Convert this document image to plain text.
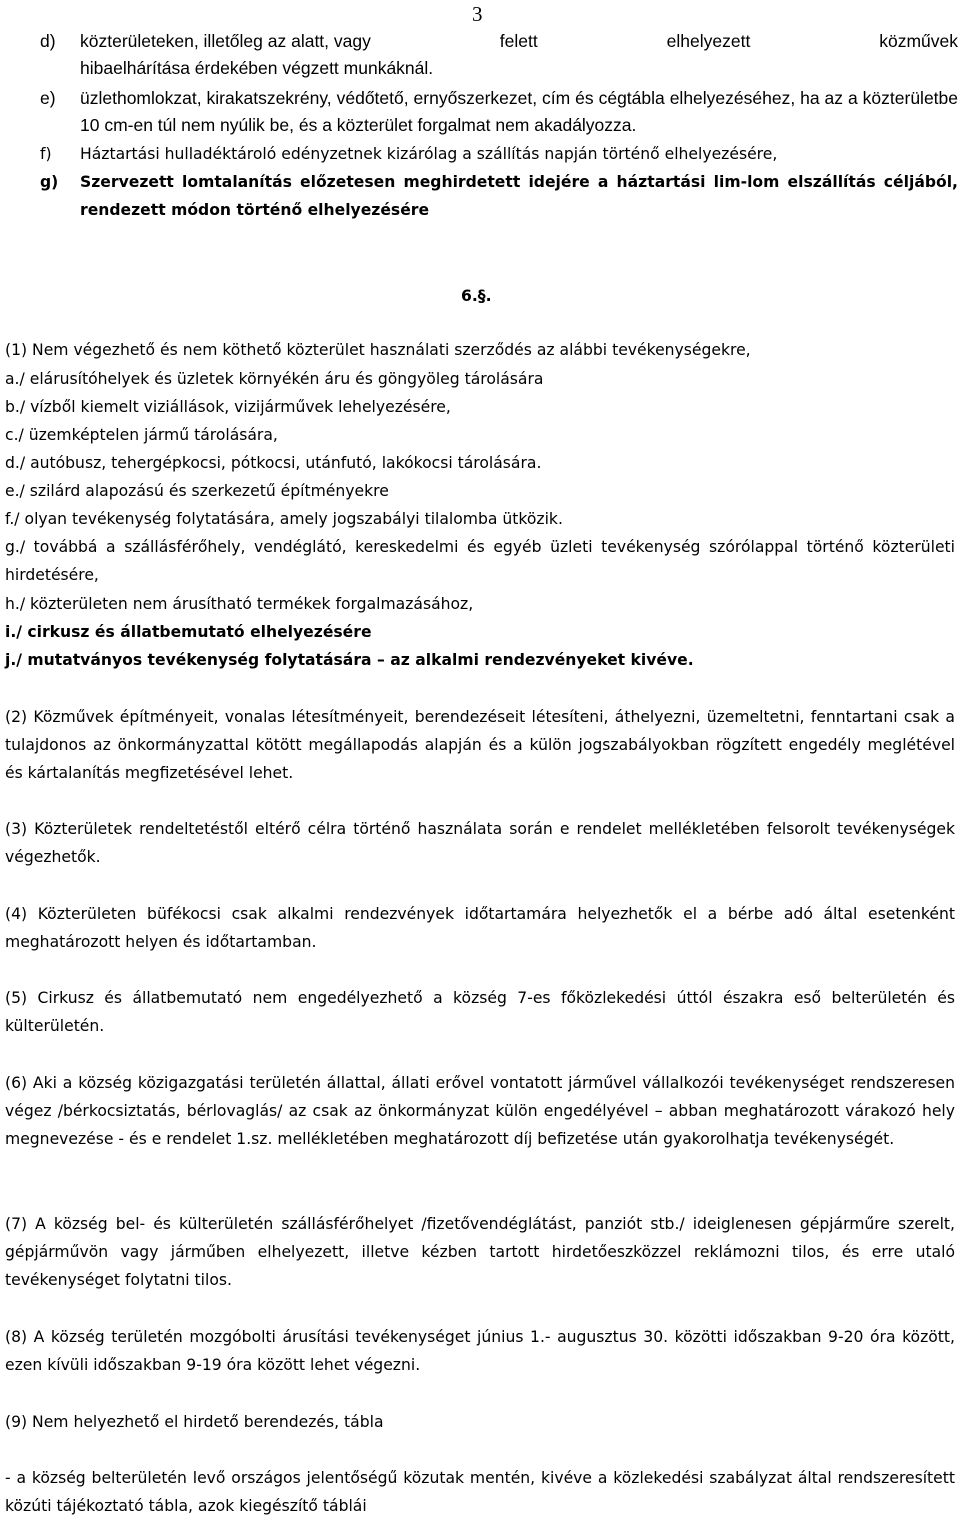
3
d) közterületeken, illetőleg az alatt, vagy	felett	elhelyezett	közművek
hibaelhárítása érdekében végzett munkáknál.
e) üzlethomlokzat, kirakatszekrény, védőtető, ernyőszerkezet, cím és cégtábla elhelyezéséhez, ha az a közterületbe 10 cm-en túl nem nyúlik be, és a közterület forgalmat nem akadályozza.
f) Háztartási hulladéktároló edényzetnek kizárólag a szállítás napján történő elhelyezésére,
g) Szervezett lomtalanítás előzetesen meghirdetett idejére a háztartási lim-lom elszállítás céljából, rendezett módon történő elhelyezésére
6.§.
(1) Nem végezhető és nem köthető közterület használati szerződés az alábbi tevékenységekre,
a./ elárusítóhelyek és üzletek környékén áru és göngyöleg tárolására
b./ vízből kiemelt viziállások, vizijárművek lehelyezésére,
c./ üzemképtelen jármű tárolására,
d./ autóbusz, tehergépkocsi, pótkocsi, utánfutó, lakókocsi tárolására.
e./ szilárd alapozású és szerkezetű építményekre
f./ olyan tevékenység folytatására, amely jogszabályi tilalomba ütközik.
g./ továbbá a szállásférőhely, vendéglátó, kereskedelmi és egyéb üzleti tevékenység szórólappal történő közterületi hirdetésére,
h./ közterületen nem árusítható termékek forgalmazásához,
i./ cirkusz és állatbemutató elhelyezésére
j./ mutatványos tevékenység folytatására – az alkalmi rendezvényeket kivéve.
(2) Közművek építményeit, vonalas létesítményeit, berendezéseit létesíteni, áthelyezni, üzemeltetni, fenntartani csak a tulajdonos az önkormányzattal kötött megállapodás alapján és a külön jogszabályokban rögzített engedély meglétével és kártalanítás megfizetésével lehet.
(3) Közterületek rendeltetéstől eltérő célra történő használata során e rendelet mellékletében felsorolt tevékenységek végezhetők.
(4) Közterületen büfékocsi csak alkalmi rendezvények időtartamára helyezhetők el a bérbe adó által esetenként meghatározott helyen és időtartamban.
(5) Cirkusz és állatbemutató nem engedélyezhető a község 7-es főközlekedési úttól északra eső belterületén és külterületén.
(6) Aki a község közigazgatási területén állattal, állati erővel vontatott járművel vállalkozói tevékenységet rendszeresen végez /bérkocsiztatás, bérlovaglás/ az csak az önkormányzat külön engedélyével – abban meghatározott várakozó hely megnevezése - és e rendelet 1.sz. mellékletében meghatározott díj befizetése után gyakorolhatja tevékenységét.
(7) A község bel- és külterületén szállásférőhelyet /fizetővendéglátást, panziót stb./ ideiglenesen gépjárműre szerelt, gépjárművön vagy járműben elhelyezett, illetve kézben tartott hirdetőeszközzel reklámozni tilos, és erre utaló tevékenységet folytatni tilos.
(8) A község területén mozgóbolti árusítási tevékenységet június 1.- augusztus 30. közötti időszakban 9-20 óra között, ezen kívüli időszakban 9-19 óra között lehet végezni.
(9) Nem helyezhető el hirdető berendezés, tábla
- a község belterületén levő országos jelentőségű közutak mentén, kivéve a közlekedési szabályzat által rendszeresített közúti tájékoztató tábla, azok kiegészítő táblái
